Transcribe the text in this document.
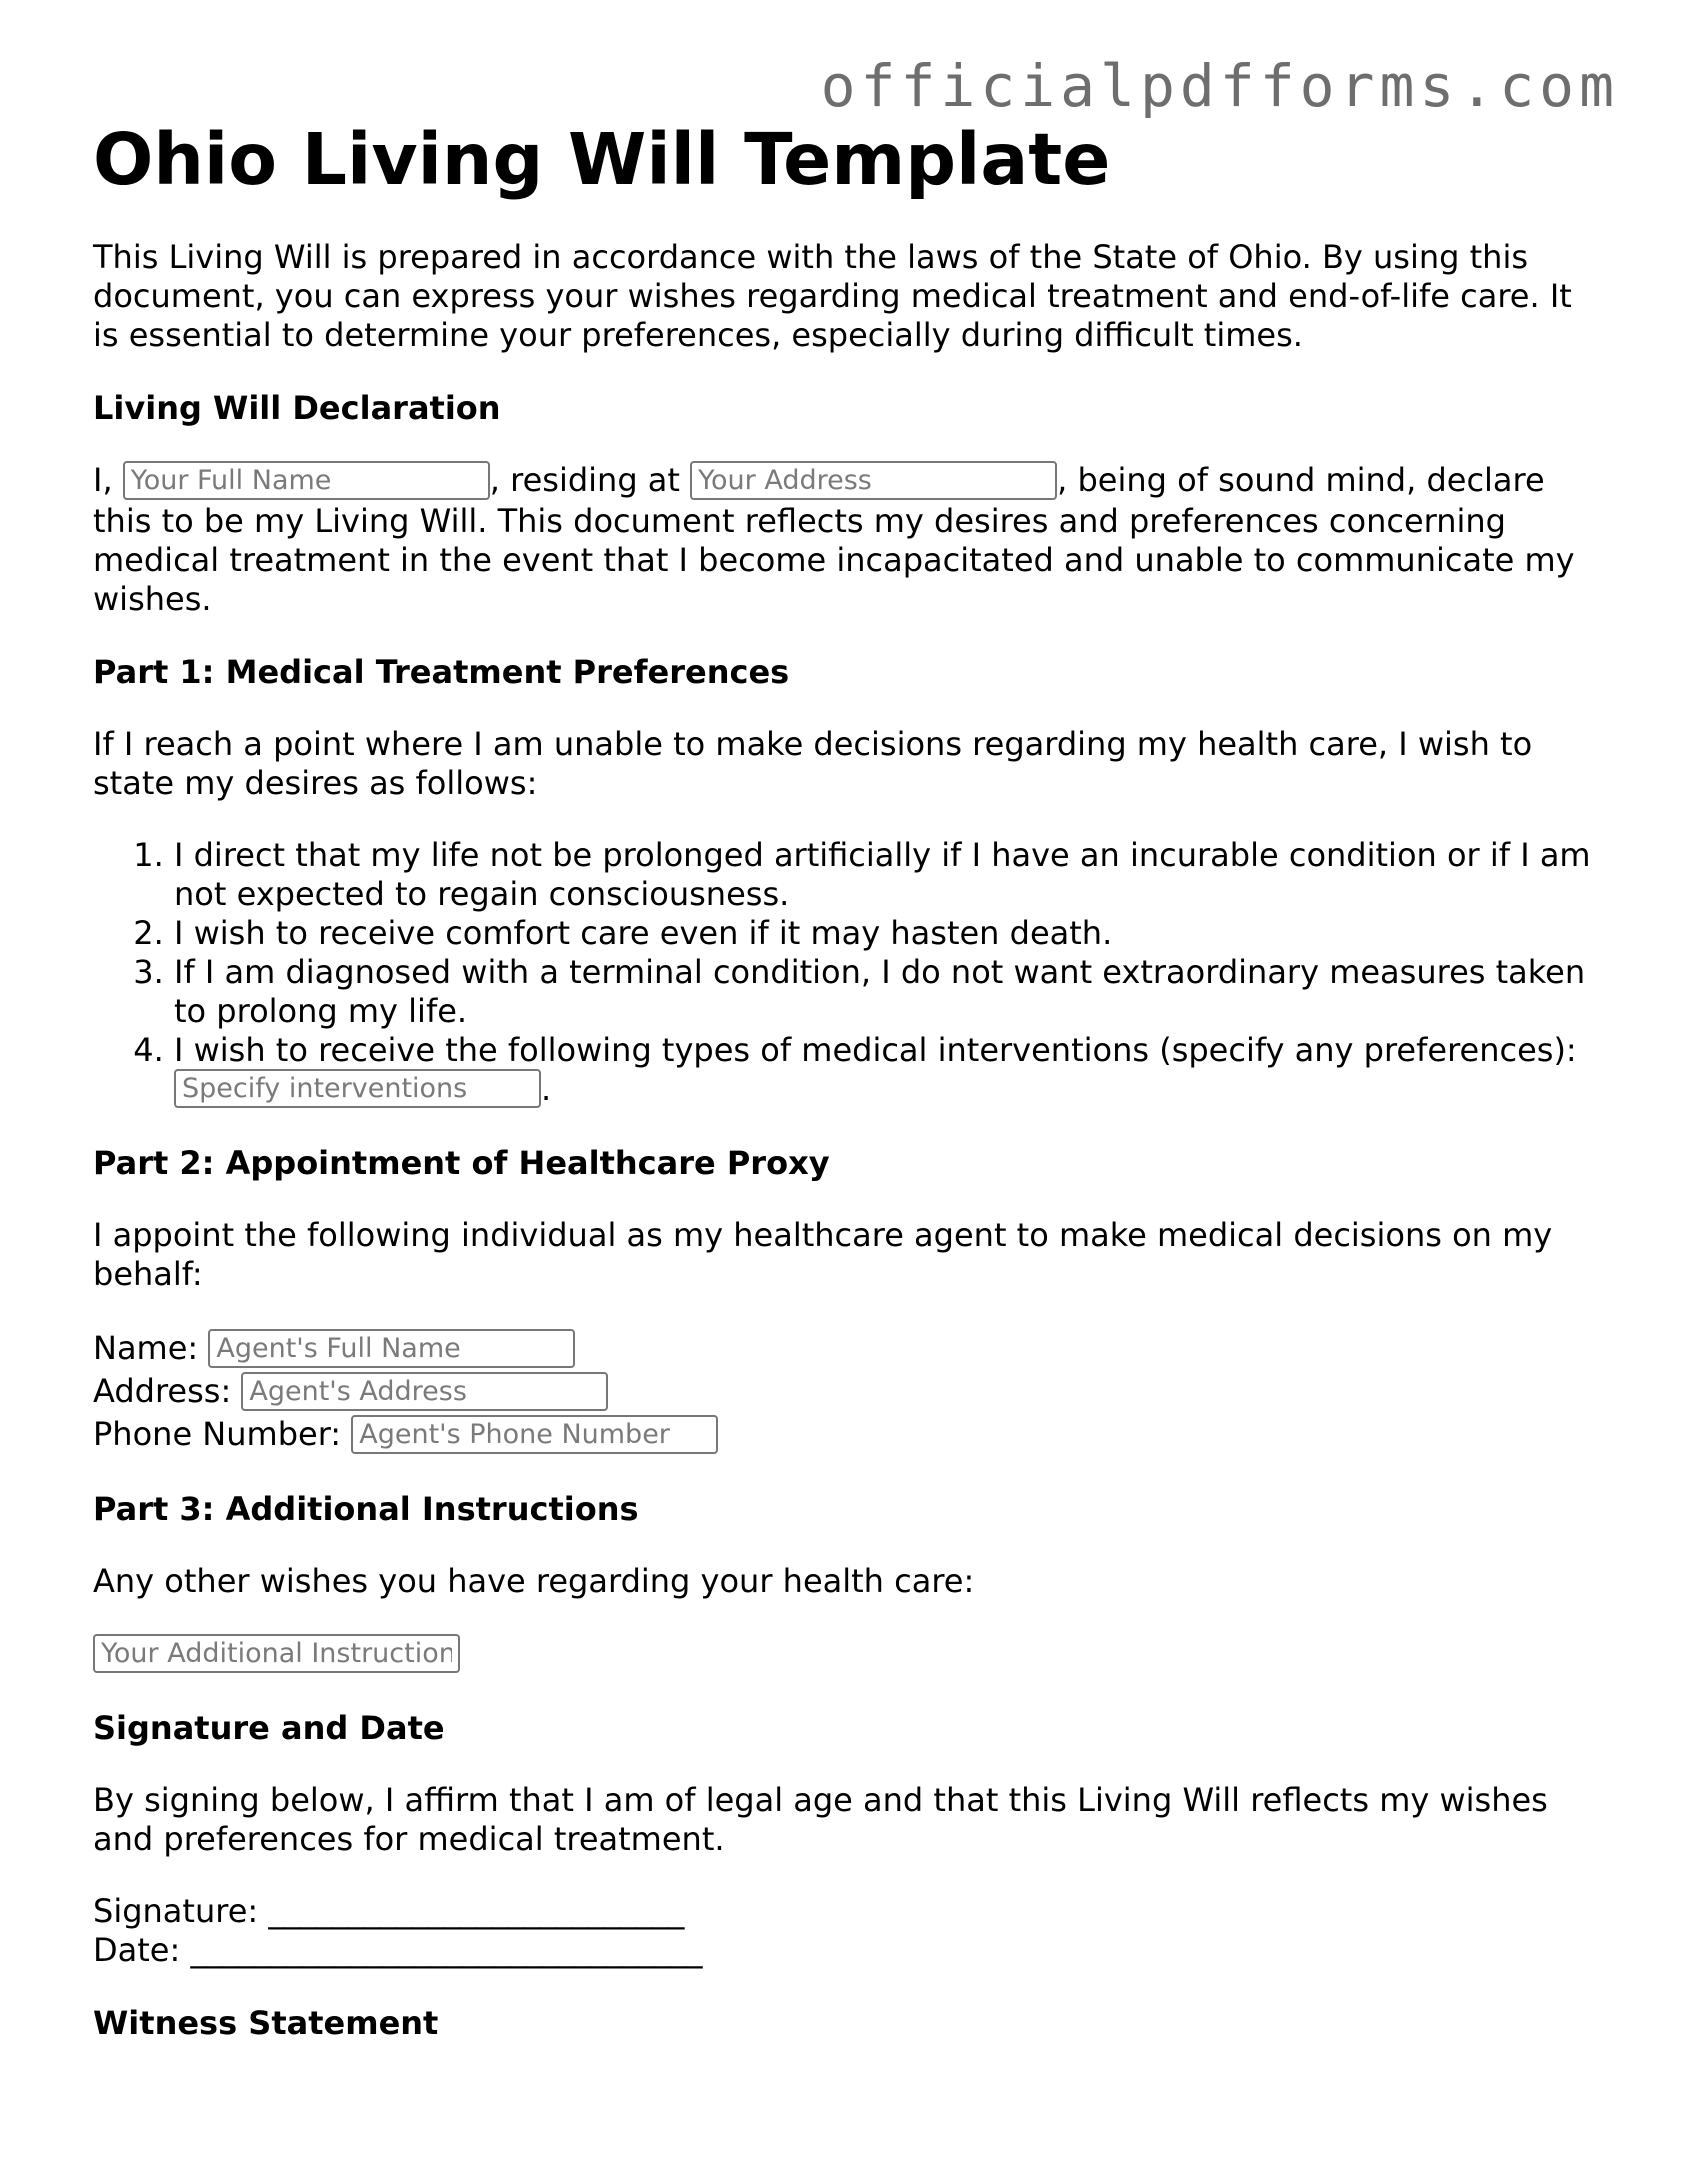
officialpdfforms.com
Ohio Living Will Template

This Living Will is prepared in accordance with the laws of the State of Ohio. By using this document, you can express your wishes regarding medical treatment and end-of-life care. It is essential to determine your preferences, especially during difficult times.

Living Will Declaration

I, Your Full Name	, residing at Your Address	, being of sound mind, declare this to be my Living Will. This document reflects my desires and preferences concerning medical treatment in the event that I become incapacitated and unable to communicate my wishes.

Part 1: Medical Treatment Preferences

If I reach a point where I am unable to make decisions regarding my health care, I wish to state my desires as follows:

1. I direct that my life not be prolonged artificially if I have an incurable condition or if I am not expected to regain consciousness.
2. I wish to receive comfort care even if it may hasten death.
3. If I am diagnosed with a terminal condition, I do not want extraordinary measures taken to prolong my life.
4. I wish to receive the following types of medical interventions (specify any preferences): Specify interventions.
Part 2: Appointment of Healthcare Proxy

I appoint the following individual as my healthcare agent to make medical decisions on my behalf:

Name: Agent's Full Name
Address: Agent's Address
Phone Number: Agent's Phone Number
Part 3: Additional Instructions

Any other wishes you have regarding your health care:

Your Additional Instructions

Signature and Date

By signing below, I affirm that I am of legal age and that this Living Will reflects my wishes and preferences for medical treatment.

Signature: __________________________
Date: ________________________________
Witness Statement
